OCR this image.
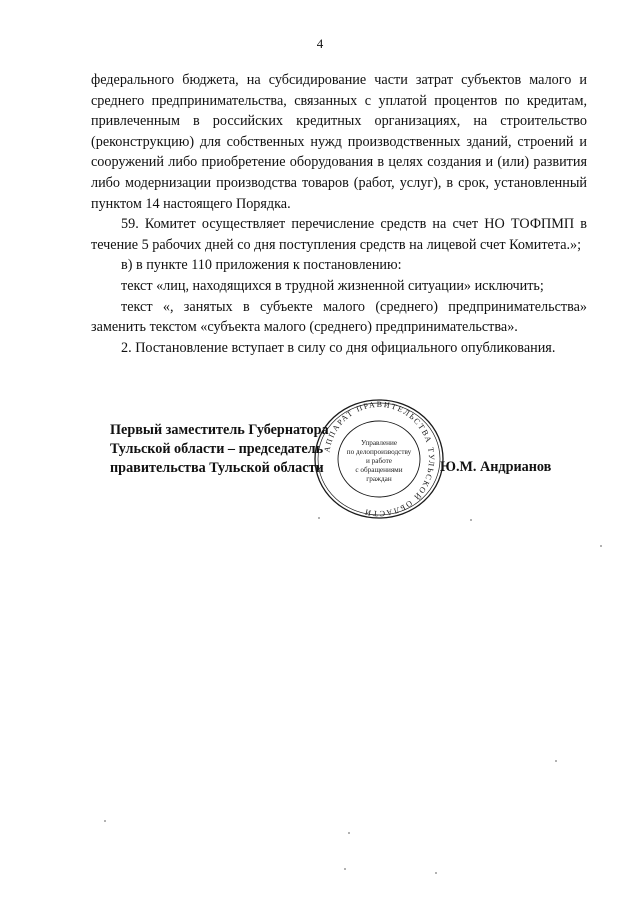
4

федерального бюджета, на субсидирование части затрат субъектов малого и среднего предпринимательства, связанных с уплатой процентов по кредитам, привлеченным в российских кредитных организациях, на строительство (реконструкцию) для собственных нужд производственных зданий, строений и сооружений либо приобретение оборудования в целях создания и (или) развития либо модернизации производства товаров (работ, услуг), в срок, установленный пунктом 14 настоящего Порядка.

59. Комитет осуществляет перечисление средств на счет НО ТОФПМП в течение 5 рабочих дней со дня поступления средств на лицевой счет Комитета.»;

в) в пункте 110 приложения к постановлению:

текст «лиц, находящихся в трудной жизненной ситуации» исключить;

текст «, занятых в субъекте малого (среднего) предпринимательства» заменить текстом «субъекта малого (среднего) предпринимательства».

2. Постановление вступает в силу со дня официального опубликования.

Первый заместитель Губернатора
Тульской области – председатель
правительства Тульской области	Ю.М. Андрианов
АППАРАТ ПРАВИТЕЛЬСТВА ТУЛЬСКОЙ ОБЛАСТИ
Управление
по делопроизводству
и работе
с обращениями
граждан
